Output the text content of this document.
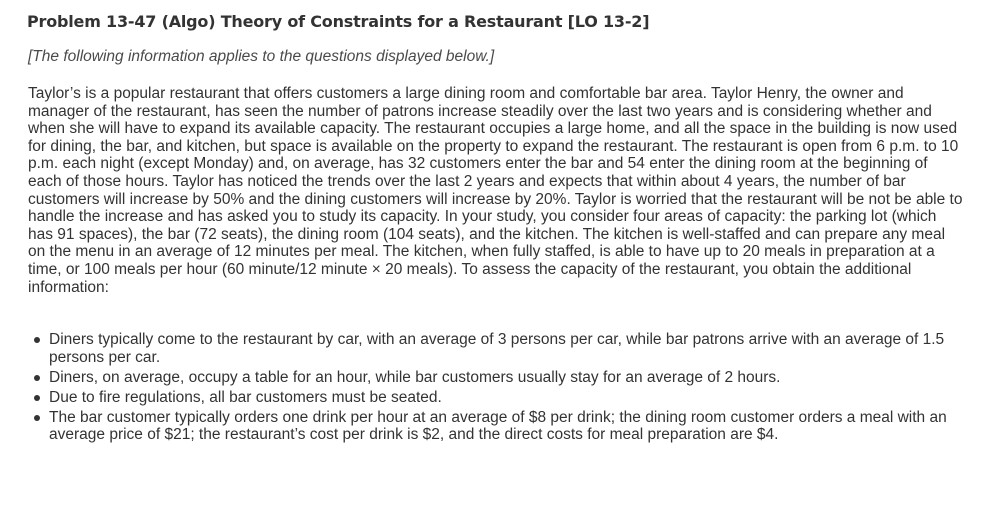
Problem 13-47 (Algo) Theory of Constraints for a Restaurant [LO 13-2]
[The following information applies to the questions displayed below.]

Taylor’s is a popular restaurant that offers customers a large dining room and comfortable bar area. Taylor Henry, the owner and manager of the restaurant, has seen the number of patrons increase steadily over the last two years and is considering whether and when she will have to expand its available capacity. The restaurant occupies a large home, and all the space in the building is now used for dining, the bar, and kitchen, but space is available on the property to expand the restaurant. The restaurant is open from 6 p.m. to 10 p.m. each night (except Monday) and, on average, has 32 customers enter the bar and 54 enter the dining room at the beginning of each of those hours. Taylor has noticed the trends over the last 2 years and expects that within about 4 years, the number of bar customers will increase by 50% and the dining customers will increase by 20%. Taylor is worried that the restaurant will be not be able to handle the increase and has asked you to study its capacity. In your study, you consider four areas of capacity: the parking lot (which has 91 spaces), the bar (72 seats), the dining room (104 seats), and the kitchen. The kitchen is well-staffed and can prepare any meal on the menu in an average of 12 minutes per meal. The kitchen, when fully staffed, is able to have up to 20 meals in preparation at a time, or 100 meals per hour (60 minute/12 minute × 20 meals). To assess the capacity of the restaurant, you obtain the additional information:

Diners typically come to the restaurant by car, with an average of 3 persons per car, while bar patrons arrive with an average of 1.5 persons per car.
Diners, on average, occupy a table for an hour, while bar customers usually stay for an average of 2 hours.
Due to fire regulations, all bar customers must be seated.
The bar customer typically orders one drink per hour at an average of $8 per drink; the dining room customer orders a meal with an average price of $21; the restaurant’s cost per drink is $2, and the direct costs for meal preparation are $4.
